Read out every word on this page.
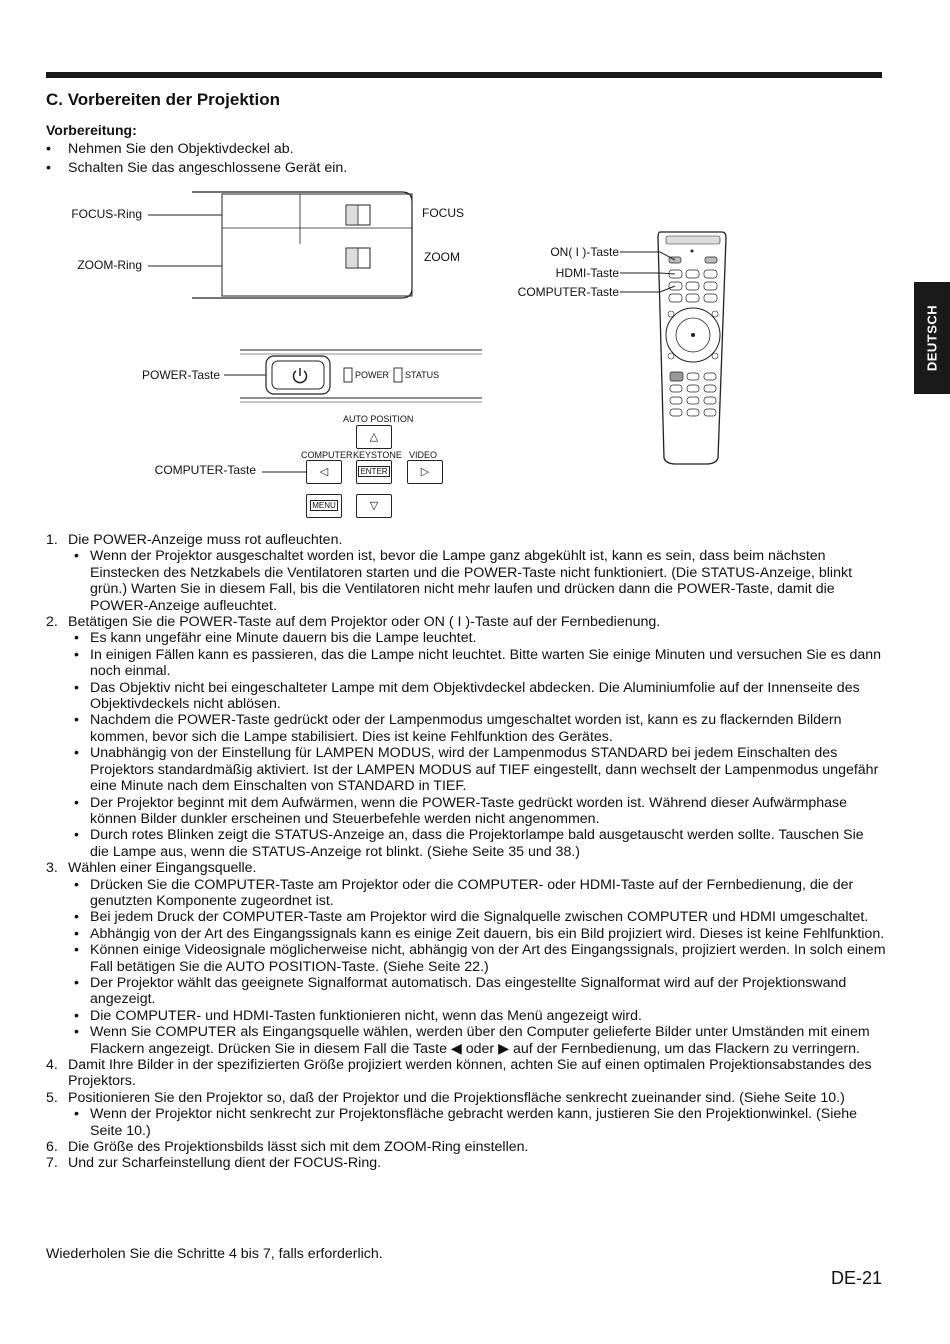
C. Vorbereiten der Projektion
Vorbereitung:
• Nehmen Sie den Objektivdeckel ab.
• Schalten Sie das angeschlossene Gerät ein.
DEUTSCH
FOCUS-Ring
ZOOM-Ring
FOCUS
ZOOM
POWER-Taste	POWER STATUS
AUTO POSITION
△
COMPUTER KEYSTONE VIDEO
◁	ENTER	▷
MENU	▽
COMPUTER-Taste
ON( I )-Taste
HDMI-Taste
COMPUTER-Taste
1. Die POWER-Anzeige muss rot aufleuchten.
• Wenn der Projektor ausgeschaltet worden ist, bevor die Lampe ganz abgekühlt ist, kann es sein, dass beim nächsten Einstecken des Netzkabels die Ventilatoren starten und die POWER-Taste nicht funktioniert. (Die STATUS-Anzeige, blinkt grün.) Warten Sie in diesem Fall, bis die Ventilatoren nicht mehr laufen und drücken dann die POWER-Taste, damit die POWER-Anzeige aufleuchtet.
2. Betätigen Sie die POWER-Taste auf dem Projektor oder ON ( I )-Taste auf der Fernbedienung.
• Es kann ungefähr eine Minute dauern bis die Lampe leuchtet.
• In einigen Fällen kann es passieren, das die Lampe nicht leuchtet. Bitte warten Sie einige Minuten und versuchen Sie es dann noch einmal.
• Das Objektiv nicht bei eingeschalteter Lampe mit dem Objektivdeckel abdecken. Die Aluminiumfolie auf der Innenseite des Objektivdeckels nicht ablösen.
• Nachdem die POWER-Taste gedrückt oder der Lampenmodus umgeschaltet worden ist, kann es zu flackernden Bildern kommen, bevor sich die Lampe stabilisiert. Dies ist keine Fehlfunktion des Gerätes.
• Unabhängig von der Einstellung für LAMPEN MODUS, wird der Lampenmodus STANDARD bei jedem Einschalten des Projektors standardmäßig aktiviert. Ist der LAMPEN MODUS auf TIEF eingestellt, dann wechselt der Lampenmodus ungefähr eine Minute nach dem Einschalten von STANDARD in TIEF.
• Der Projektor beginnt mit dem Aufwärmen, wenn die POWER-Taste gedrückt worden ist. Während dieser Aufwärmphase können Bilder dunkler erscheinen und Steuerbefehle werden nicht angenommen.
• Durch rotes Blinken zeigt die STATUS-Anzeige an, dass die Projektorlampe bald ausgetauscht werden sollte. Tauschen Sie die Lampe aus, wenn die STATUS-Anzeige rot blinkt. (Siehe Seite 35 und 38.)
3. Wählen einer Eingangsquelle.
• Drücken Sie die COMPUTER-Taste am Projektor oder die COMPUTER- oder HDMI-Taste auf der Fernbedienung, die der genutzten Komponente zugeordnet ist.
• Bei jedem Druck der COMPUTER-Taste am Projektor wird die Signalquelle zwischen COMPUTER und HDMI umgeschaltet.
• Abhängig von der Art des Eingangssignals kann es einige Zeit dauern, bis ein Bild projiziert wird. Dieses ist keine Fehlfunktion.
• Können einige Videosignale möglicherweise nicht, abhängig von der Art des Eingangssignals, projiziert werden. In solch einem Fall betätigen Sie die AUTO POSITION-Taste. (Siehe Seite 22.)
• Der Projektor wählt das geeignete Signalformat automatisch. Das eingestellte Signalformat wird auf der Projektionswand angezeigt.
• Die COMPUTER- und HDMI-Tasten funktionieren nicht, wenn das Menü angezeigt wird.
• Wenn Sie COMPUTER als Eingangsquelle wählen, werden über den Computer gelieferte Bilder unter Umständen mit einem Flackern angezeigt. Drücken Sie in diesem Fall die Taste ◀ oder ▶ auf der Fernbedienung, um das Flackern zu verringern.
4. Damit Ihre Bilder in der spezifizierten Größe projiziert werden können, achten Sie auf einen optimalen Projektionsabstandes des Projektors.
5. Positionieren Sie den Projektor so, daß der Projektor und die Projektionsfläche senkrecht zueinander sind. (Siehe Seite 10.)
• Wenn der Projektor nicht senkrecht zur Projektonsfläche gebracht werden kann, justieren Sie den Projektionwinkel. (Siehe Seite 10.)
6. Die Größe des Projektionsbilds lässt sich mit dem ZOOM-Ring einstellen.
7. Und zur Scharfeinstellung dient der FOCUS-Ring.
Wiederholen Sie die Schritte 4 bis 7, falls erforderlich.
DE-21
